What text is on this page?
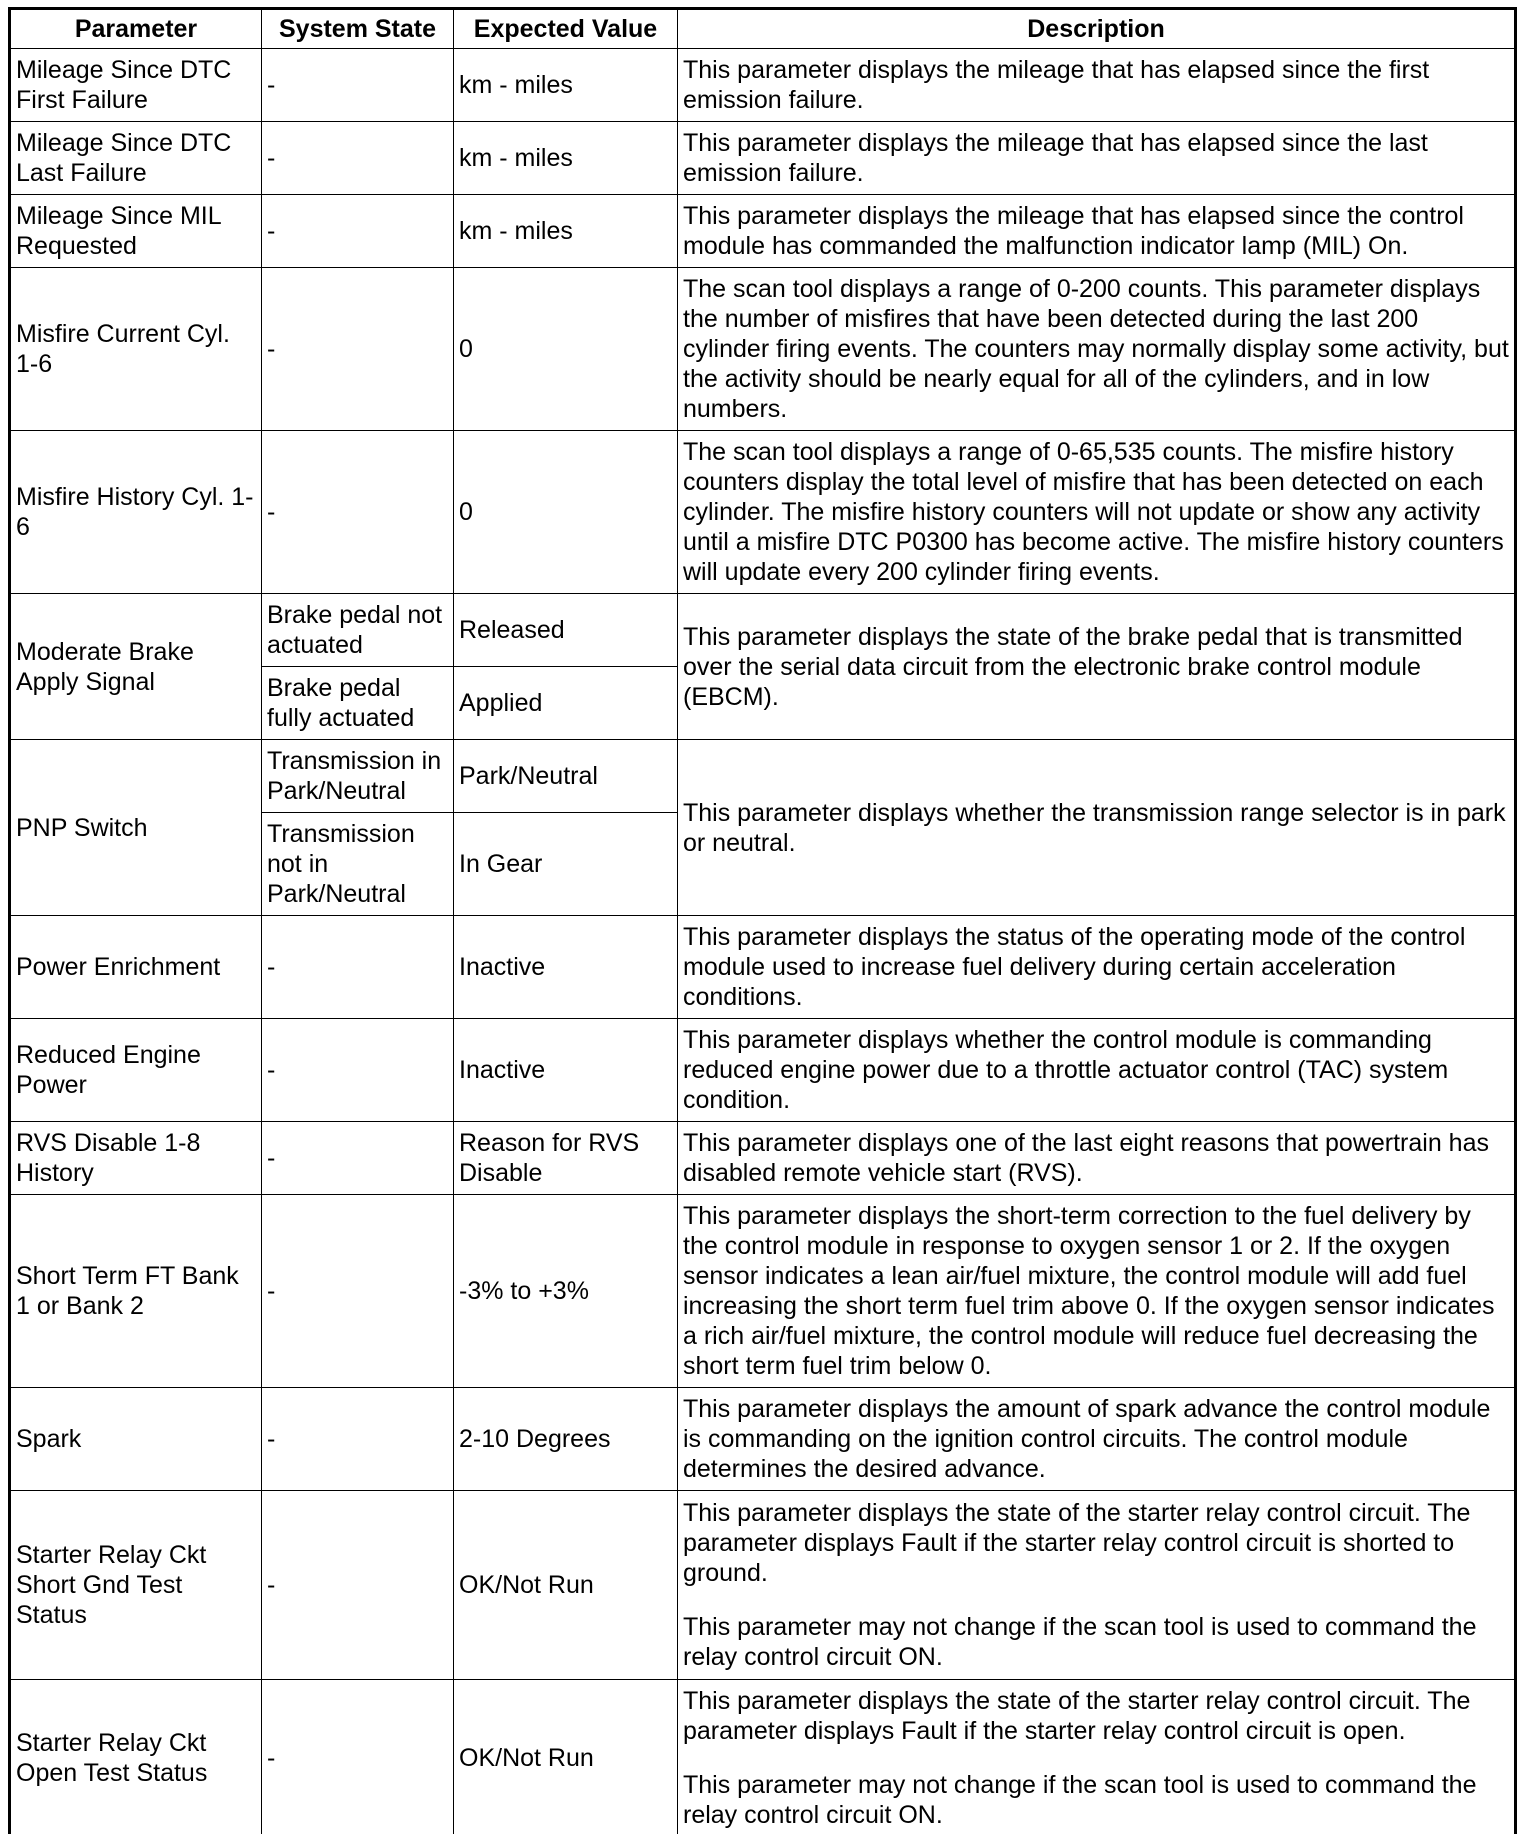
Parameter	System State	Expected Value	Description
Mileage Since DTC First Failure	-	km - miles	This parameter displays the mileage that has elapsed since the first emission failure.

Mileage Since DTC Last Failure	-	km - miles	This parameter displays the mileage that has elapsed since the last emission failure.

Mileage Since MIL Requested	-	km - miles	This parameter displays the mileage that has elapsed since the control module has commanded the malfunction indicator lamp (MIL) On.

Misfire Current Cyl. 1-6	-	0	The scan tool displays a range of 0-200 counts. This parameter displays the number of misfires that have been detected during the last 200 cylinder firing events. The counters may normally display some activity, but the activity should be nearly equal for all of the cylinders, and in low numbers.

Misfire History Cyl. 1-6	-	0	The scan tool displays a range of 0-65,535 counts. The misfire history counters display the total level of misfire that has been detected on each cylinder. The misfire history counters will not update or show any activity until a misfire DTC P0300 has become active. The misfire history counters will update every 200 cylinder firing events.

Moderate Brake Apply Signal	Brake pedal not actuated	Released	This parameter displays the state of the brake pedal that is transmitted over the serial data circuit from the electronic brake control module (EBCM).

	Brake pedal fully actuated	Applied	
PNP Switch	Transmission in Park/Neutral	Park/Neutral	This parameter displays whether the transmission range selector is in park or neutral.

	Transmission not in Park/Neutral	In Gear	
Power Enrichment	-	Inactive	This parameter displays the status of the operating mode of the control module used to increase fuel delivery during certain acceleration conditions.

Reduced Engine Power	-	Inactive	This parameter displays whether the control module is commanding reduced engine power due to a throttle actuator control (TAC) system condition.

RVS Disable 1-8 History	-	Reason for RVS Disable	This parameter displays one of the last eight reasons that powertrain has disabled remote vehicle start (RVS).

Short Term FT Bank 1 or Bank 2	-	-3% to +3%	This parameter displays the short-term correction to the fuel delivery by the control module in response to oxygen sensor 1 or 2. If the oxygen sensor indicates a lean air/fuel mixture, the control module will add fuel increasing the short term fuel trim above 0. If the oxygen sensor indicates a rich air/fuel mixture, the control module will reduce fuel decreasing the short term fuel trim below 0.

Spark	-	2-10 Degrees	This parameter displays the amount of spark advance the control module is commanding on the ignition control circuits. The control module determines the desired advance.

Starter Relay Ckt Short Gnd Test Status	-	OK/Not Run	This parameter displays the state of the starter relay control circuit. The parameter displays Fault if the starter relay control circuit is shorted to ground.

This parameter may not change if the scan tool is used to command the relay control circuit ON.

Starter Relay Ckt Open Test Status	-	OK/Not Run	This parameter displays the state of the starter relay control circuit. The parameter displays Fault if the starter relay control circuit is open.

This parameter may not change if the scan tool is used to command the relay control circuit ON.
